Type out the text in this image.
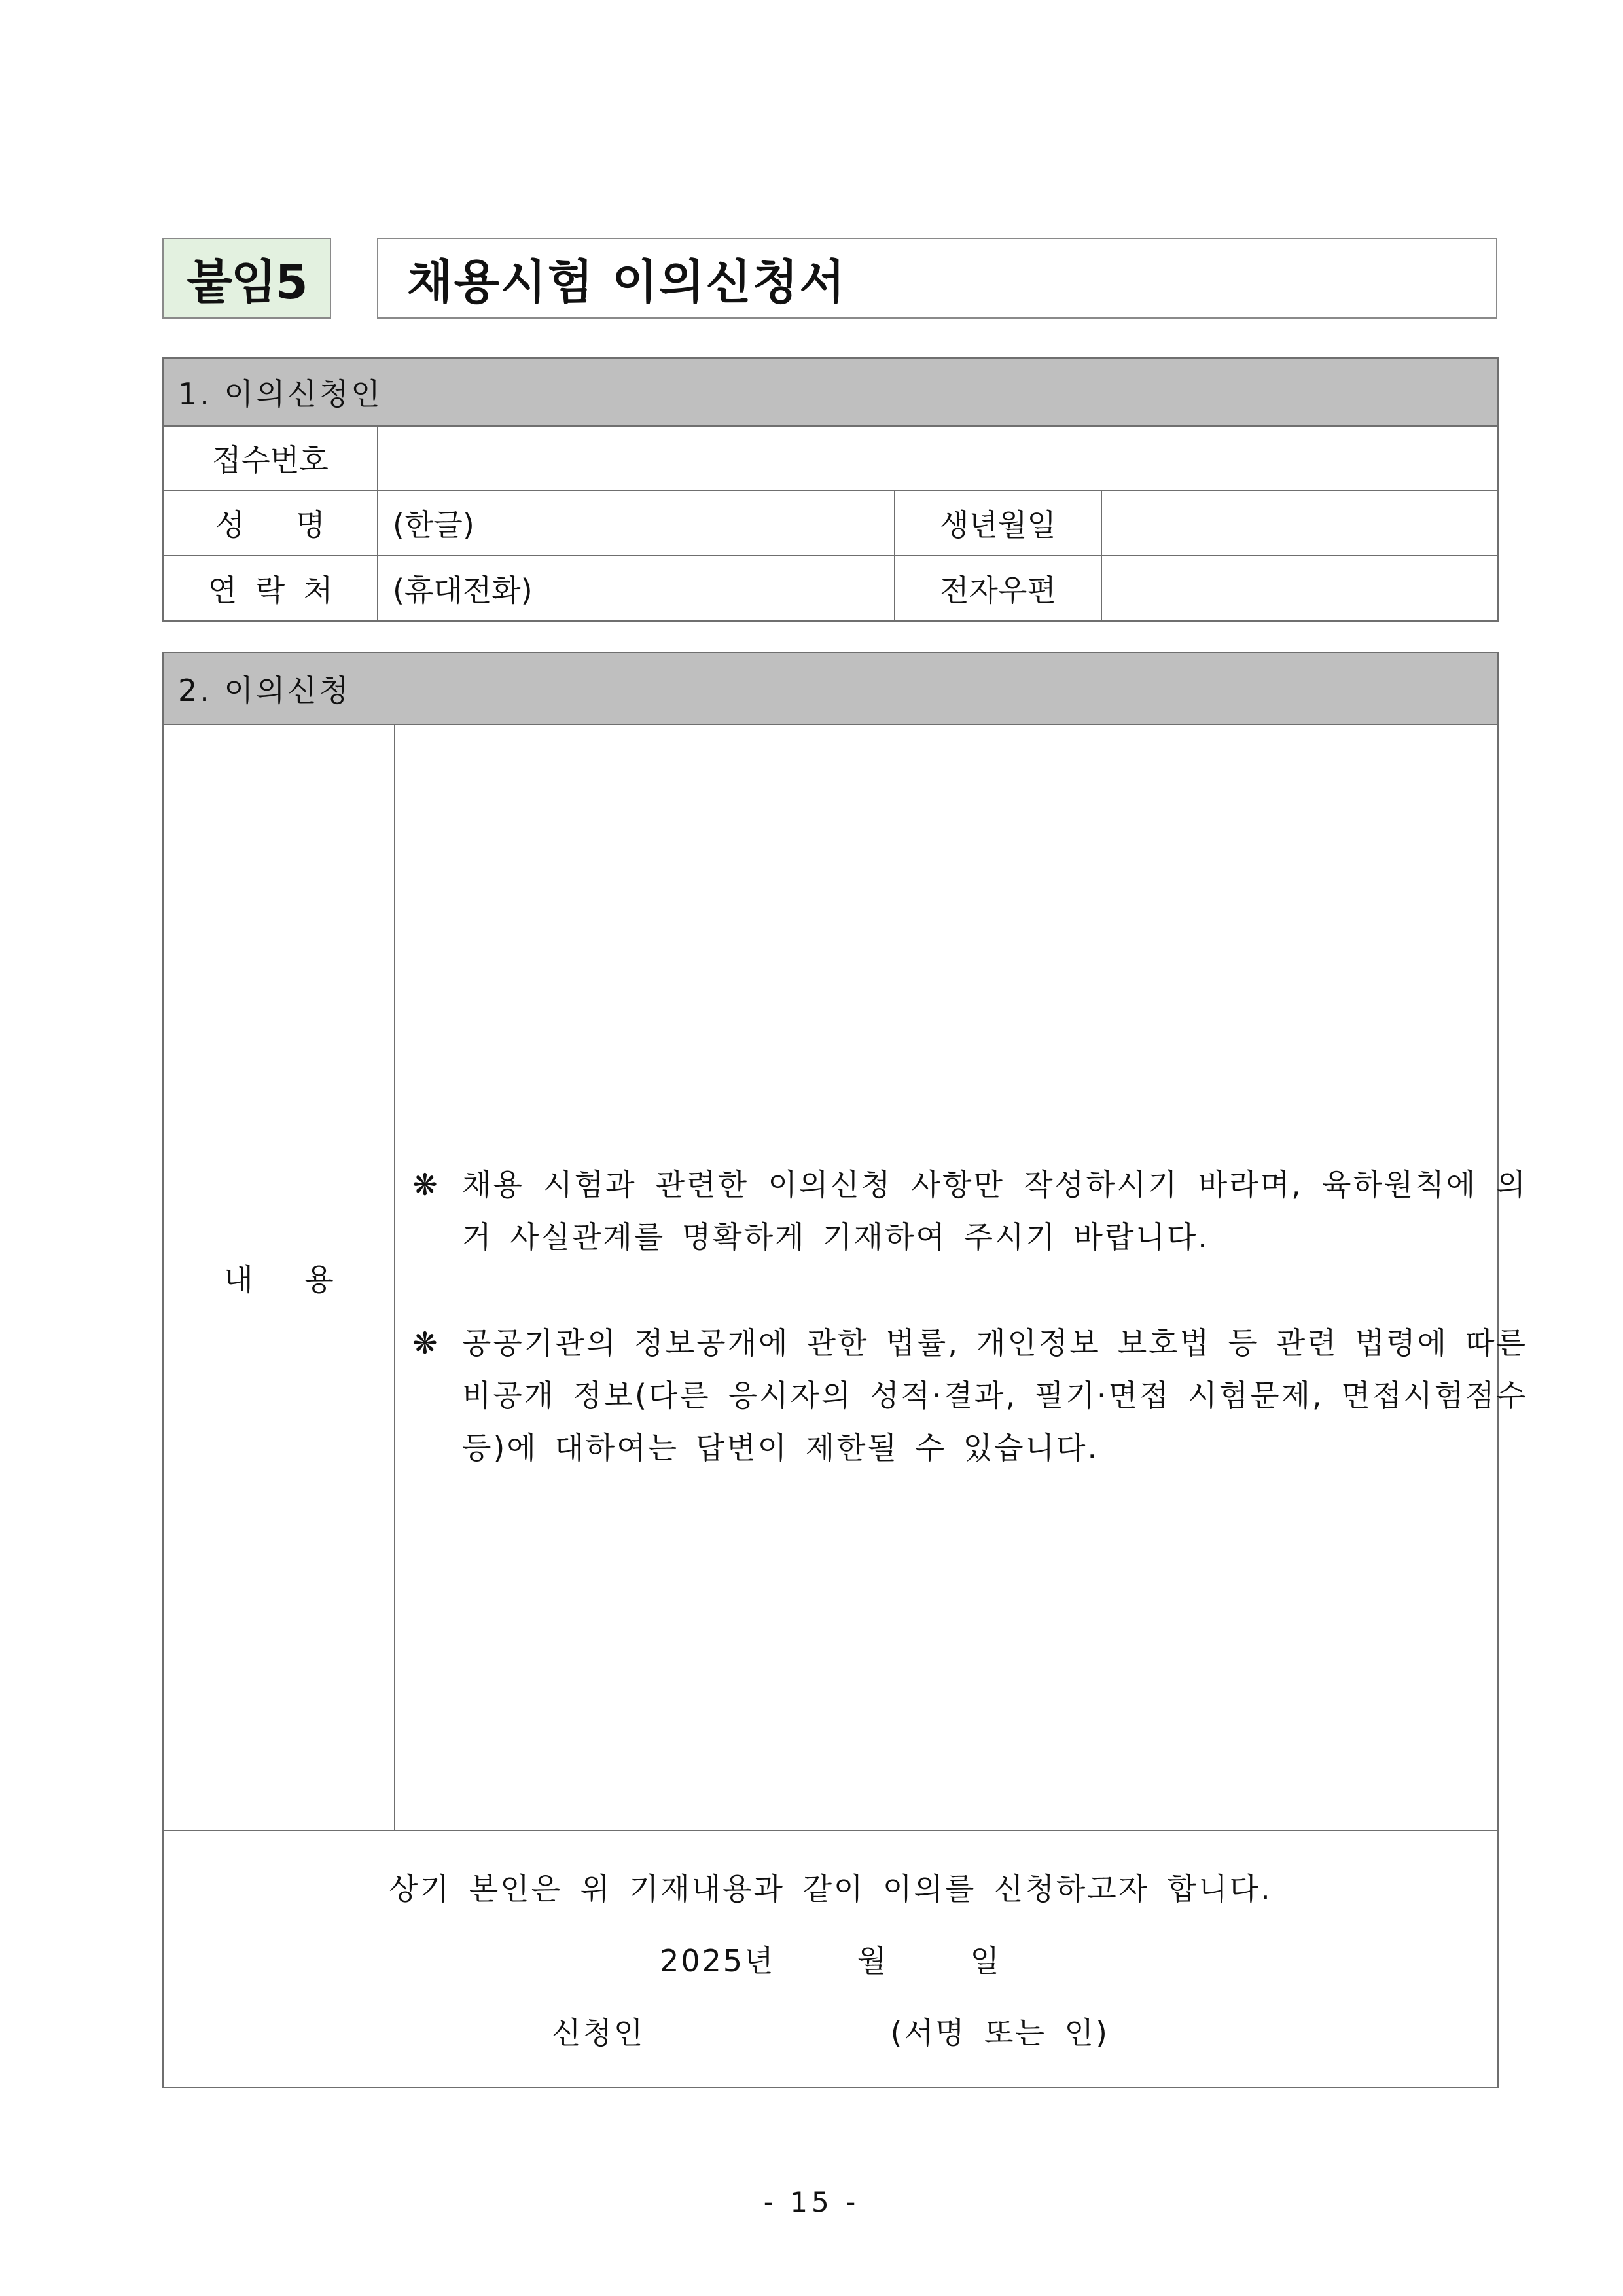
붙임5	채용시험 이의신청서
1. 이의신청인			
접수번호			
성 명	(한글)	생년월일	
연 락 처	(휴대전화)	전자우편	
2. 이의신청
내 용	
❋ 채용 시험과 관련한 이의신청 사항만 작성하시기 바라며, 육하원칙에 의거 사실관계를 명확하게 기재하여 주시기 바랍니다.
❋ 공공기관의 정보공개에 관한 법률, 개인정보 보호법 등 관련 법령에 따른 비공개 정보(다른 응시자의 성적·결과, 필기·면접 시험문제, 면접시험점수 등)에 대하여는 답변이 제한될 수 있습니다.

상기 본인은 위 기재내용과 같이 이의를 신청하고자 합니다.
2025년	월	일
신청인	(서명 또는 인)
- 15 -
